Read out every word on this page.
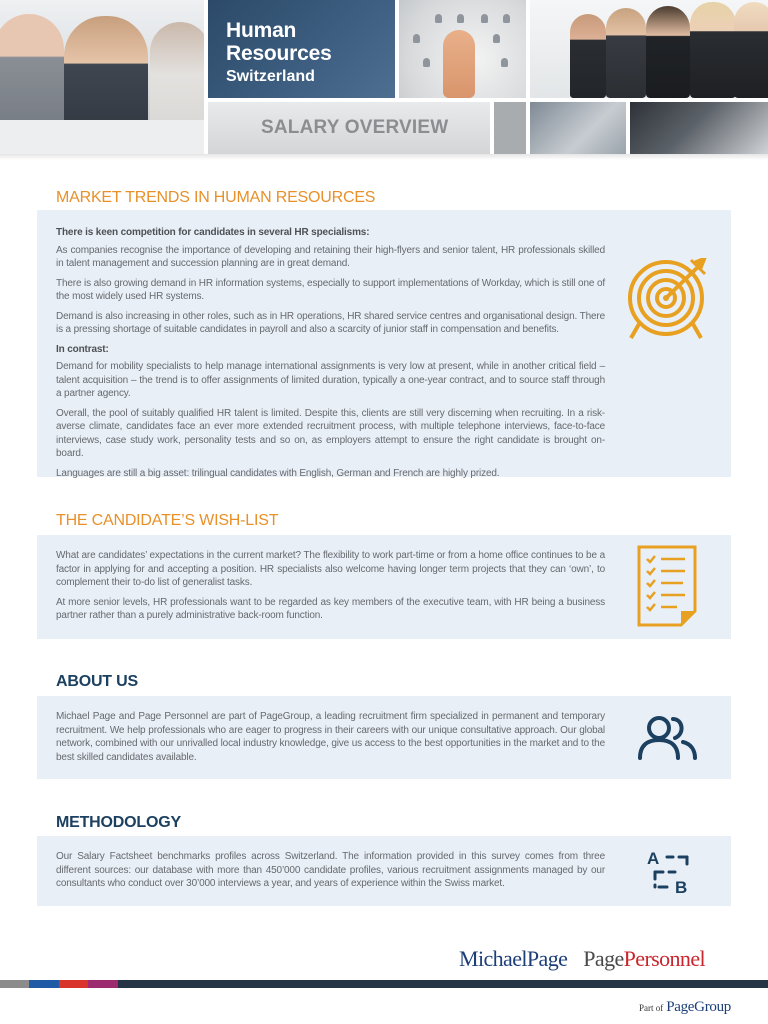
Human
Resources
Switzerland
SALARY OVERVIEW
MARKET TRENDS IN HUMAN RESOURCES

There is keen competition for candidates in several HR specialisms:

As companies recognise the importance of developing and retaining their high-flyers and senior talent, HR professionals skilled in talent management and succession planning are in great demand.

There is also growing demand in HR information systems, especially to support implementations of Workday, which is still one of the most widely used HR systems.

Demand is also increasing in other roles, such as in HR operations, HR shared service centres and organisational design. There is a pressing shortage of suitable candidates in payroll and also a scarcity of junior staff in compensation and benefits.

In contrast:

Demand for mobility specialists to help manage international assignments is very low at present, while in another critical field – talent acquisition – the trend is to offer assignments of limited duration, typically a one-year contract, and to source staff through a partner agency.

Overall, the pool of suitably qualified HR talent is limited. Despite this, clients are still very discerning when recruiting. In a risk-averse climate, candidates face an ever more extended recruitment process, with multiple telephone interviews, face-to-face interviews, case study work, personality tests and so on, as employers attempt to ensure the right candidate is brought on-board.

Languages are still a big asset: trilingual candidates with English, German and French are highly prized.

THE CANDIDATE’S WISH-LIST

What are candidates’ expectations in the current market? The flexibility to work part-time or from a home office continues to be a factor in applying for and accepting a position. HR specialists also welcome having longer term projects that they can ‘own’, to complement their to-do list of generalist tasks.

At more senior levels, HR professionals want to be regarded as key members of the executive team, with HR being a business partner rather than a purely administrative back-room function.

ABOUT US

Michael Page and Page Personnel are part of PageGroup, a leading recruitment firm specialized in permanent and temporary recruitment. We help professionals who are eager to progress in their careers with our unique consultative approach. Our global network, combined with our unrivalled local industry knowledge, give us access to the best opportunities in the market and to the best skilled candidates available.

METHODOLOGY

Our Salary Factsheet benchmarks profiles across Switzerland. The information provided in this survey comes from three different sources: our database with more than 450’000 candidate profiles, various recruitment assignments managed by our consultants who conduct over 30’000 interviews a year, and years of experience within the Swiss market.

A
B
MichaelPage PagePersonnel
Part of PageGroup
